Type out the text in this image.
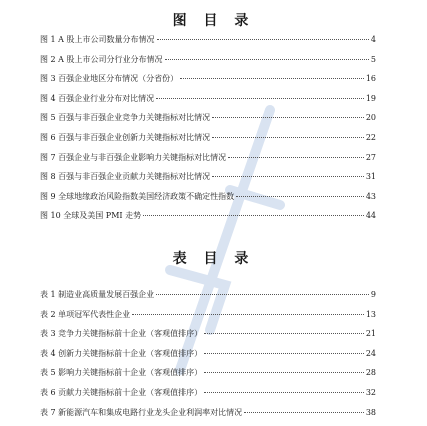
图 目 录
图 1 A 股上市公司数量分布情况	4
图 2 A 股上市公司分行业分布情况	5
图 3 百强企业地区分布情况（分省份）	16
图 4 百强企业行业分布对比情况	19
图 5 百强与非百强企业竞争力关键指标对比情况	20
图 6 百强与非百强企业创新力关键指标对比情况	22
图 7 百强企业与非百强企业影响力关键指标对比情况	27
图 8 百强与非百强企业贡献力关键指标对比情况	31
图 9 全球地缘政治风险指数美国经济政策不确定性指数	43
图 10 全球及美国 PMI 走势	44
表 目 录
表 1 制造业高质量发展百强企业	9
表 2 单项冠军代表性企业	13
表 3 竞争力关键指标前十企业（客观值排序）	21
表 4 创新力关键指标前十企业（客观值排序）	24
表 5 影响力关键指标前十企业（客观值排序）	28
表 6 贡献力关键指标前十企业（客观值排序）	32
表 7 新能源汽车和集成电路行业龙头企业利润率对比情况	38
